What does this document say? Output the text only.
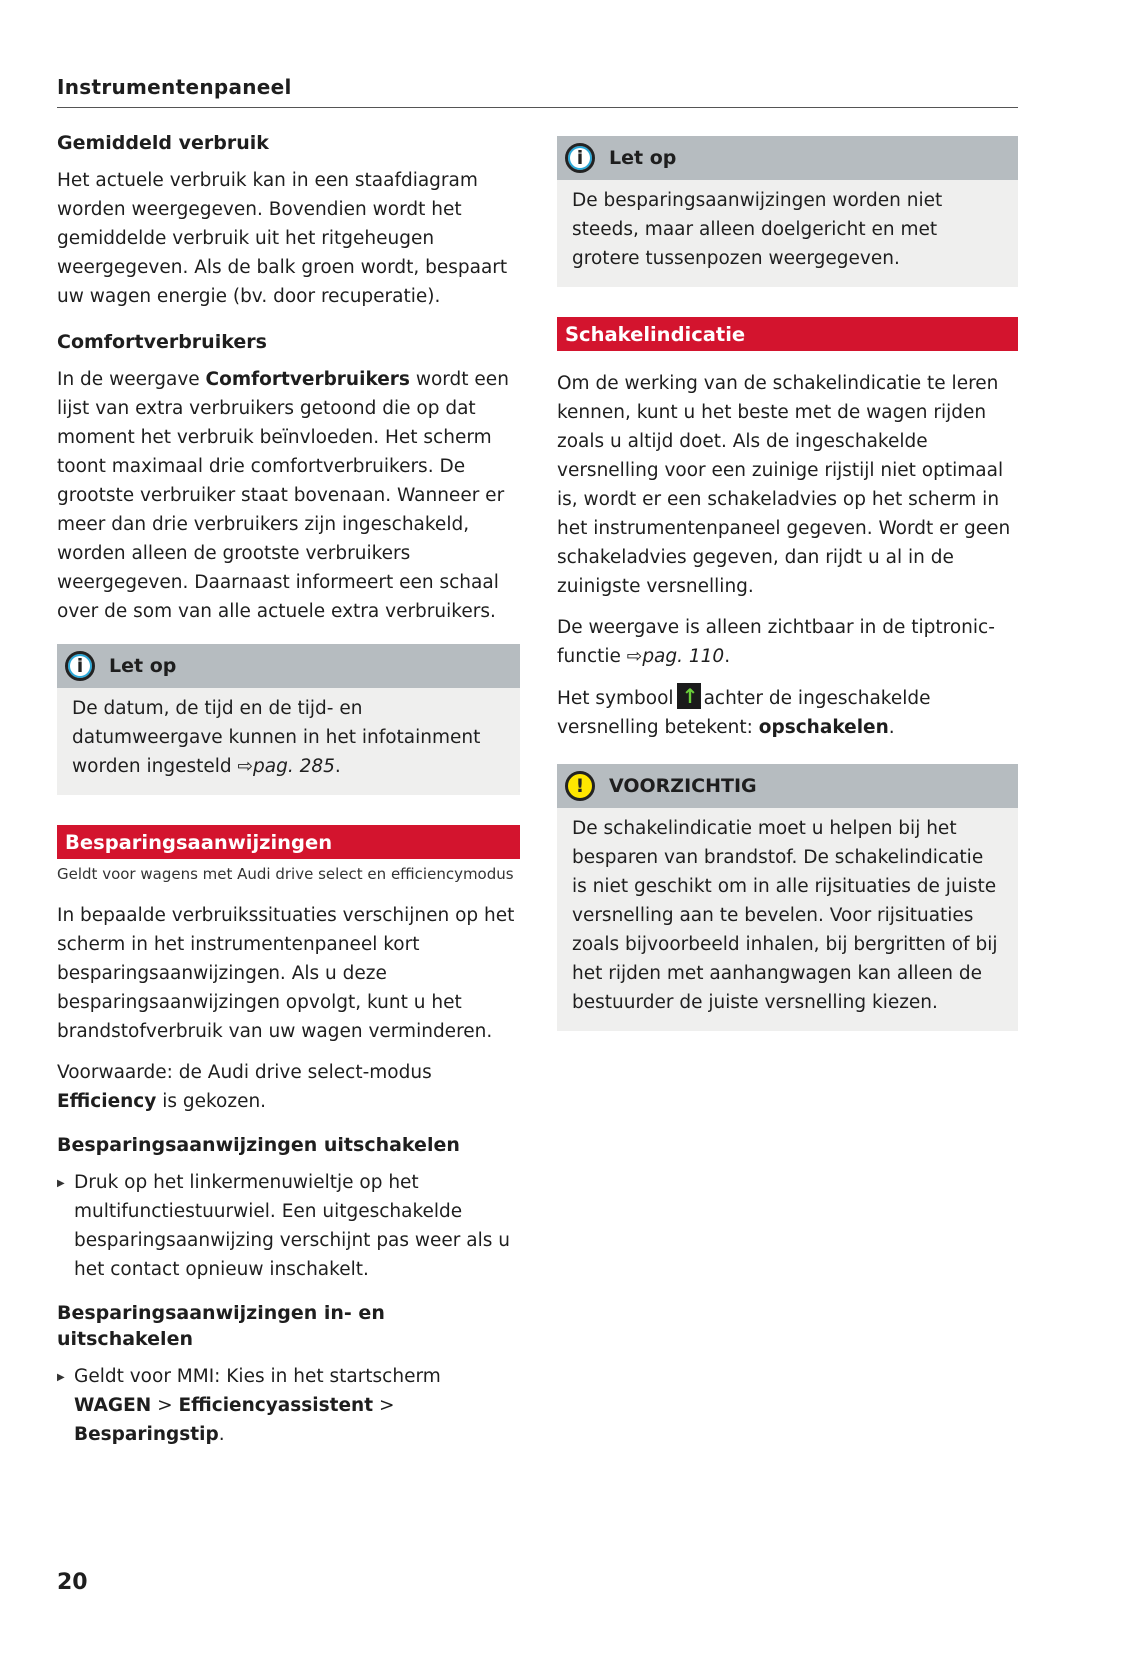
Instrumentenpaneel
Gemiddeld verbruik

Het actuele verbruik kan in een staafdiagram worden weergegeven. Bovendien wordt het gemiddelde verbruik uit het ritgeheugen weergegeven. Als de balk groen wordt, bespaart uw wagen energie (bv. door recuperatie).

Comfortverbruikers

In de weergave Comfortverbruikers wordt een lijst van extra verbruikers getoond die op dat moment het verbruik beïnvloeden. Het scherm toont maximaal drie comfortverbruikers. De grootste verbruiker staat bovenaan. Wanneer er meer dan drie verbruikers zijn ingeschakeld, worden alleen de grootste verbruikers weergegeven. Daarnaast informeert een schaal over de som van alle actuele extra verbruikers.

i	Let op
De datum, de tijd en de tijd- en datumweergave kunnen in het infotainment worden ingesteld ⇨pag. 285.
Besparingsaanwijzingen
Geldt voor wagens met Audi drive select en efficiencymodus

In bepaalde verbruikssituaties verschijnen op het scherm in het instrumentenpaneel kort besparingsaanwijzingen. Als u deze besparingsaanwijzingen opvolgt, kunt u het brandstofverbruik van uw wagen verminderen.

Voorwaarde: de Audi drive select-modus Efficiency is gekozen.

Besparingsaanwijzingen uitschakelen
▶ Druk op het linkermenuwieltje op het multifunctiestuurwiel. Een uitgeschakelde besparingsaanwijzing verschijnt pas weer als u het contact opnieuw inschakelt.
Besparingsaanwijzingen in- en uitschakelen
▶ Geldt voor MMI: Kies in het startscherm WAGEN > Efficiencyassistent > Besparingstip.
i	Let op
De besparingsaanwijzingen worden niet steeds, maar alleen doelgericht en met grotere tussenpozen weergegeven.
Schakelindicatie

Om de werking van de schakelindicatie te leren kennen, kunt u het beste met de wagen rijden zoals u altijd doet. Als de ingeschakelde versnelling voor een zuinige rijstijl niet optimaal is, wordt er een schakeladvies op het scherm in het instrumentenpaneel gegeven. Wordt er geen schakeladvies gegeven, dan rijdt u al in de zuinigste versnelling.

De weergave is alleen zichtbaar in de tiptronic-functie ⇨pag. 110.

Het symbool ↑ achter de ingeschakelde versnelling betekent: opschakelen.

!	VOORZICHTIG
De schakelindicatie moet u helpen bij het besparen van brandstof. De schakelindicatie is niet geschikt om in alle rijsituaties de juiste versnelling aan te bevelen. Voor rijsituaties zoals bijvoorbeeld inhalen, bij bergritten of bij het rijden met aanhangwagen kan alleen de bestuurder de juiste versnelling kiezen.
20
